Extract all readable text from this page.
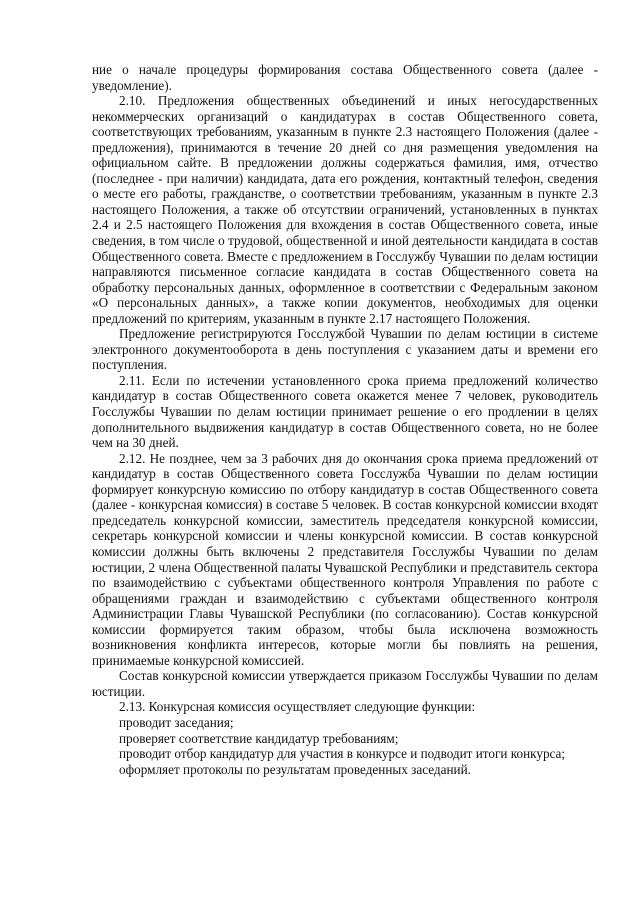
ние о начале процедуры формирования состава Общественного совета (далее - уведомление).

2.10. Предложения общественных объединений и иных негосударственных некоммерческих организаций о кандидатурах в состав Общественного совета, соответствующих требованиям, указанным в пункте 2.3 настоящего Положения (далее - предложения), принимаются в течение 20 дней со дня размещения уведомления на официальном сайте. В предложении должны содержаться фамилия, имя, отчество (последнее - при наличии) кандидата, дата его рождения, контактный телефон, сведения о месте его работы, гражданстве, о соответствии требованиям, указанным в пункте 2.3 настоящего Положения, а также об отсутствии ограничений, установленных в пунктах 2.4 и 2.5 настоящего Положения для вхождения в состав Общественного совета, иные сведения, в том числе о трудовой, общественной и иной деятельности кандидата в состав Общественного совета. Вместе с предложением в Госслужбу Чувашии по делам юстиции направляются письменное согласие кандидата в состав Общественного совета на обработку персональных данных, оформленное в соответствии с Федеральным законом «О персональных данных», а также копии документов, необходимых для оценки предложений по критериям, указанным в пункте 2.17 настоящего Положения.

Предложение регистрируются Госслужбой Чувашии по делам юстиции в системе электронного документооборота в день поступления с указанием даты и времени его поступления.

2.11. Если по истечении установленного срока приема предложений количество кандидатур в состав Общественного совета окажется менее 7 человек, руководитель Госслужбы Чувашии по делам юстиции принимает решение о его продлении в целях дополнительного выдвижения кандидатур в состав Общественного совета, но не более чем на 30 дней.

2.12. Не позднее, чем за 3 рабочих дня до окончания срока приема предложений от кандидатур в состав Общественного совета Госслужба Чувашии по делам юстиции формирует конкурсную комиссию по отбору кандидатур в состав Общественного совета (далее - конкурсная комиссия) в составе 5 человек. В состав конкурсной комиссии входят председатель конкурсной комиссии, заместитель председателя конкурсной комиссии, секретарь конкурсной комиссии и члены конкурсной комиссии. В состав конкурсной комиссии должны быть включены 2 представителя Госслужбы Чувашии по делам юстиции, 2 члена Общественной палаты Чувашской Республики и представитель сектора по взаимодействию с субъектами общественного контроля Управления по работе с обращениями граждан и взаимодействию с субъектами общественного контроля Администрации Главы Чувашской Республики (по согласованию). Состав конкурсной комиссии формируется таким образом, чтобы была исключена возможность возникновения конфликта интересов, которые могли бы повлиять на решения, принимаемые конкурсной комиссией.

Состав конкурсной комиссии утверждается приказом Госслужбы Чувашии по делам юстиции.

2.13. Конкурсная комиссия осуществляет следующие функции:

проводит заседания;

проверяет соответствие кандидатур требованиям;

проводит отбор кандидатур для участия в конкурсе и подводит итоги конкурса;

оформляет протоколы по результатам проведенных заседаний.
